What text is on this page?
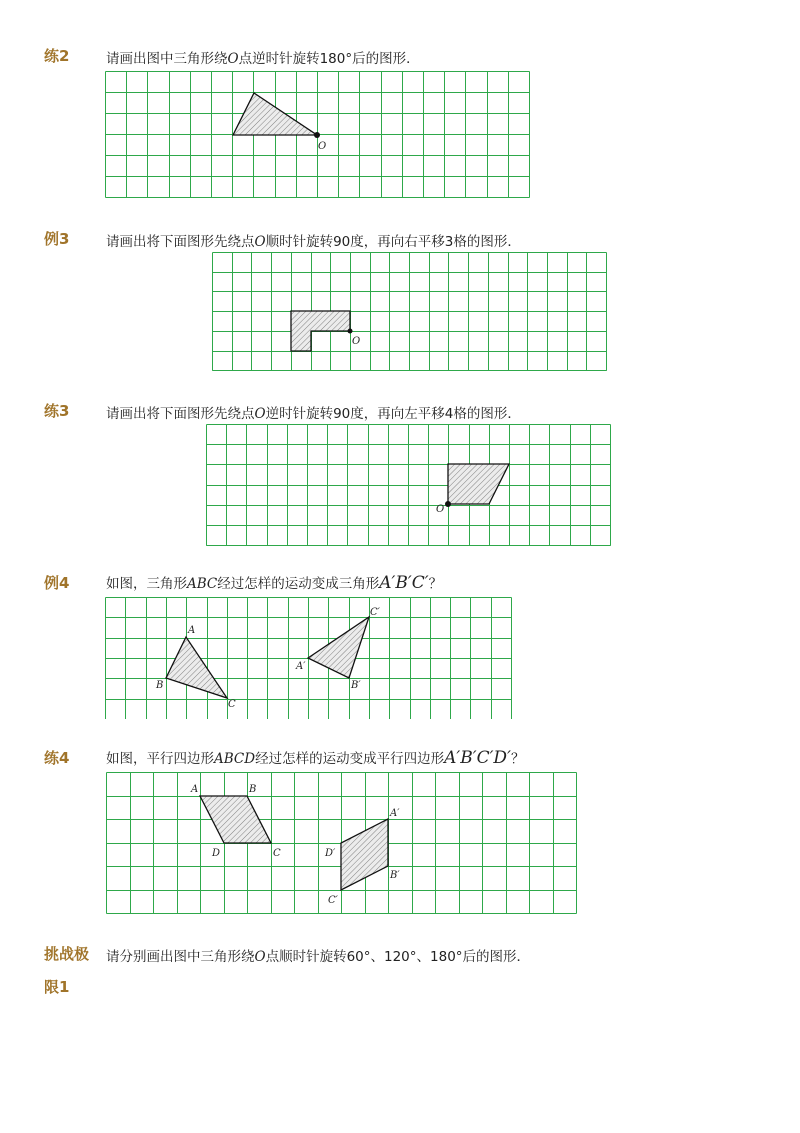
练2	请画出图中三角形绕O点逆时针旋转180°后的图形．
O
例3	请画出将下面图形先绕点O顺时针旋转90度，再向右平移3格的图形．
O
练3	请画出将下面图形先绕点O逆时针旋转90度，再向左平移4格的图形．
O
例4	如图，三角形ABC经过怎样的运动变成三角形A′B′C′？
A
B
C
A′
B′
C′
练4	如图，平行四边形ABCD经过怎样的运动变成平行四边形A′B′C′D′？
A	B
C
D
A′
B′
C′
D′
挑战极 请分别画出图中三角形绕O点顺时针旋转60°、120°、180°后的图形．
限1
